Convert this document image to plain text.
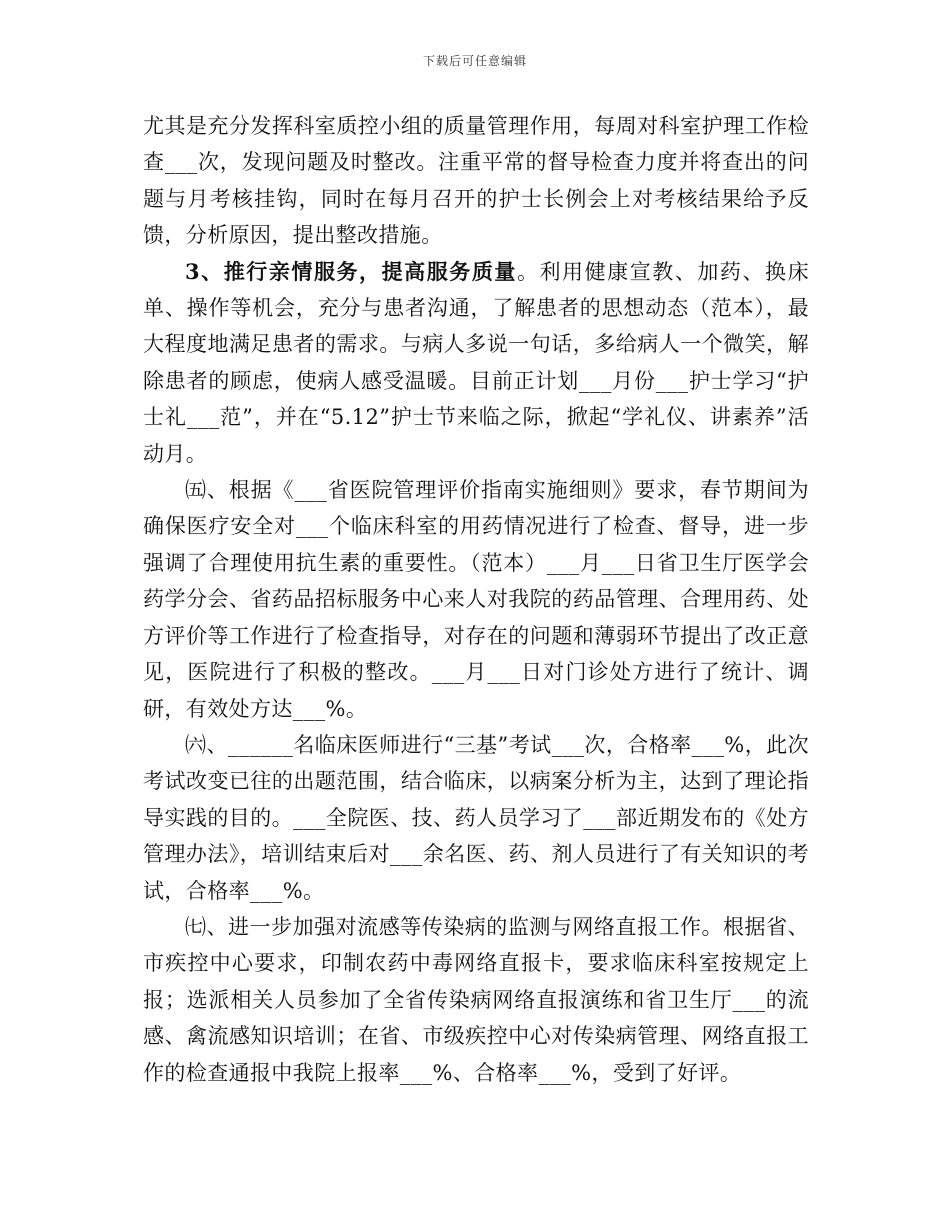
下载后可任意编辑

尤其是充分发挥科室质控小组的质量管理作用，每周对科室护理工作检查___次，发现问题及时整改。注重平常的督导检查力度并将查出的问题与月考核挂钩，同时在每月召开的护士长例会上对考核结果给予反馈，分析原因，提出整改措施。

3、推行亲情服务，提高服务质量。利用健康宣教、加药、换床单、操作等机会，充分与患者沟通，了解患者的思想动态（范本），最大程度地满足患者的需求。与病人多说一句话，多给病人一个微笑，解除患者的顾虑，使病人感受温暖。目前正计划___月份___护士学习“护士礼___范”，并在“5.12”护士节来临之际，掀起“学礼仪、讲素养”活动月。

㈤、根据《___省医院管理评价指南实施细则》要求，春节期间为确保医疗安全对___个临床科室的用药情况进行了检查、督导，进一步强调了合理使用抗生素的重要性。（范本）___月___日省卫生厅医学会药学分会、省药品招标服务中心来人对我院的药品管理、合理用药、处方评价等工作进行了检查指导，对存在的问题和薄弱环节提出了改正意见，医院进行了积极的整改。___月___日对门诊处方进行了统计、调研，有效处方达___%。

㈥、______名临床医师进行“三基”考试___次，合格率___%，此次考试改变已往的出题范围，结合临床，以病案分析为主，达到了理论指导实践的目的。___全院医、技、药人员学习了___部近期发布的《处方管理办法》，培训结束后对___余名医、药、剂人员进行了有关知识的考试，合格率___%。

㈦、进一步加强对流感等传染病的监测与网络直报工作。根据省、市疾控中心要求，印制农药中毒网络直报卡，要求临床科室按规定上报；选派相关人员参加了全省传染病网络直报演练和省卫生厅___的流感、禽流感知识培训；在省、市级疾控中心对传染病管理、网络直报工作的检查通报中我院上报率___%、合格率___%，受到了好评。
